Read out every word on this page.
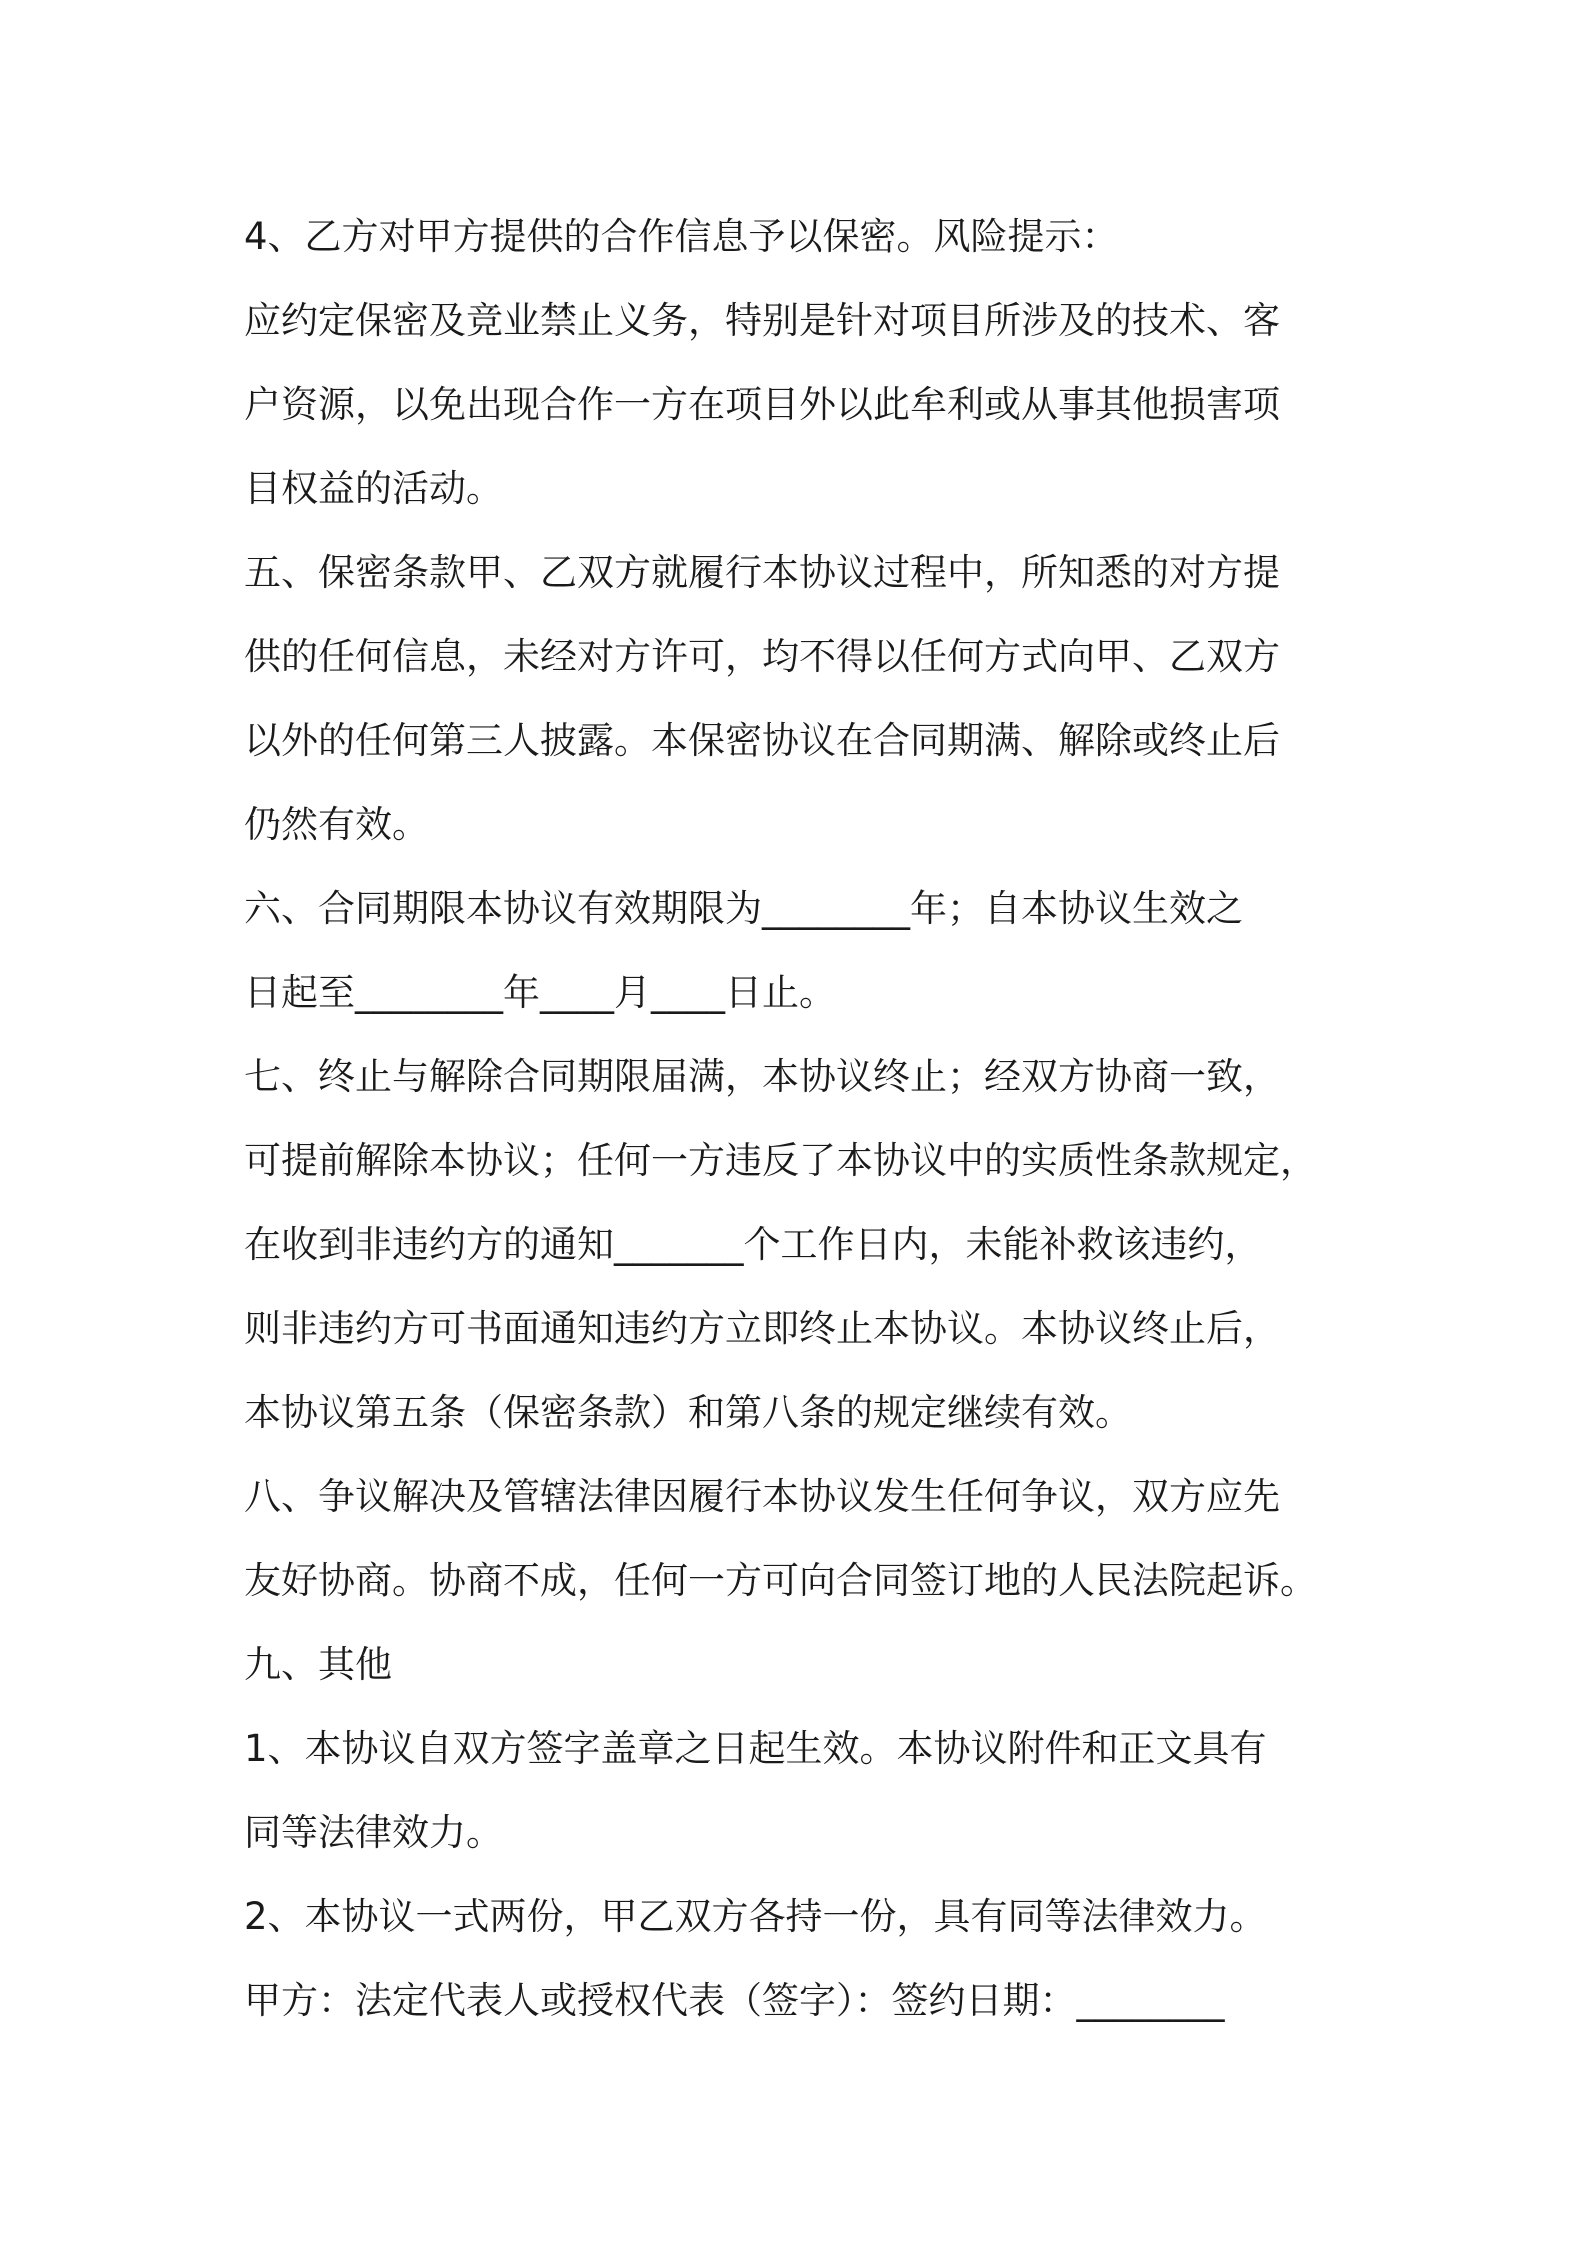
4、乙方对甲方提供的合作信息予以保密。风险提示：
应约定保密及竞业禁止义务，特别是针对项目所涉及的技术、客
户资源，以免出现合作一方在项目外以此牟利或从事其他损害项
目权益的活动。
五、保密条款甲、乙双方就履行本协议过程中，所知悉的对方提
供的任何信息，未经对方许可，均不得以任何方式向甲、乙双方
以外的任何第三人披露。本保密协议在合同期满、解除或终止后
仍然有效。
六、合同期限本协议有效期限为________年；自本协议生效之
日起至________年____月____日止。
七、终止与解除合同期限届满，本协议终止；经双方协商一致，
可提前解除本协议；任何一方违反了本协议中的实质性条款规定，
在收到非违约方的通知_______个工作日内，未能补救该违约，
则非违约方可书面通知违约方立即终止本协议。本协议终止后，
本协议第五条（保密条款）和第八条的规定继续有效。
八、争议解决及管辖法律因履行本协议发生任何争议，双方应先
友好协商。协商不成，任何一方可向合同签订地的人民法院起诉。
九、其他
1、本协议自双方签字盖章之日起生效。本协议附件和正文具有
同等法律效力。
2、本协议一式两份，甲乙双方各持一份，具有同等法律效力。
甲方：法定代表人或授权代表（签字）：签约日期：________
